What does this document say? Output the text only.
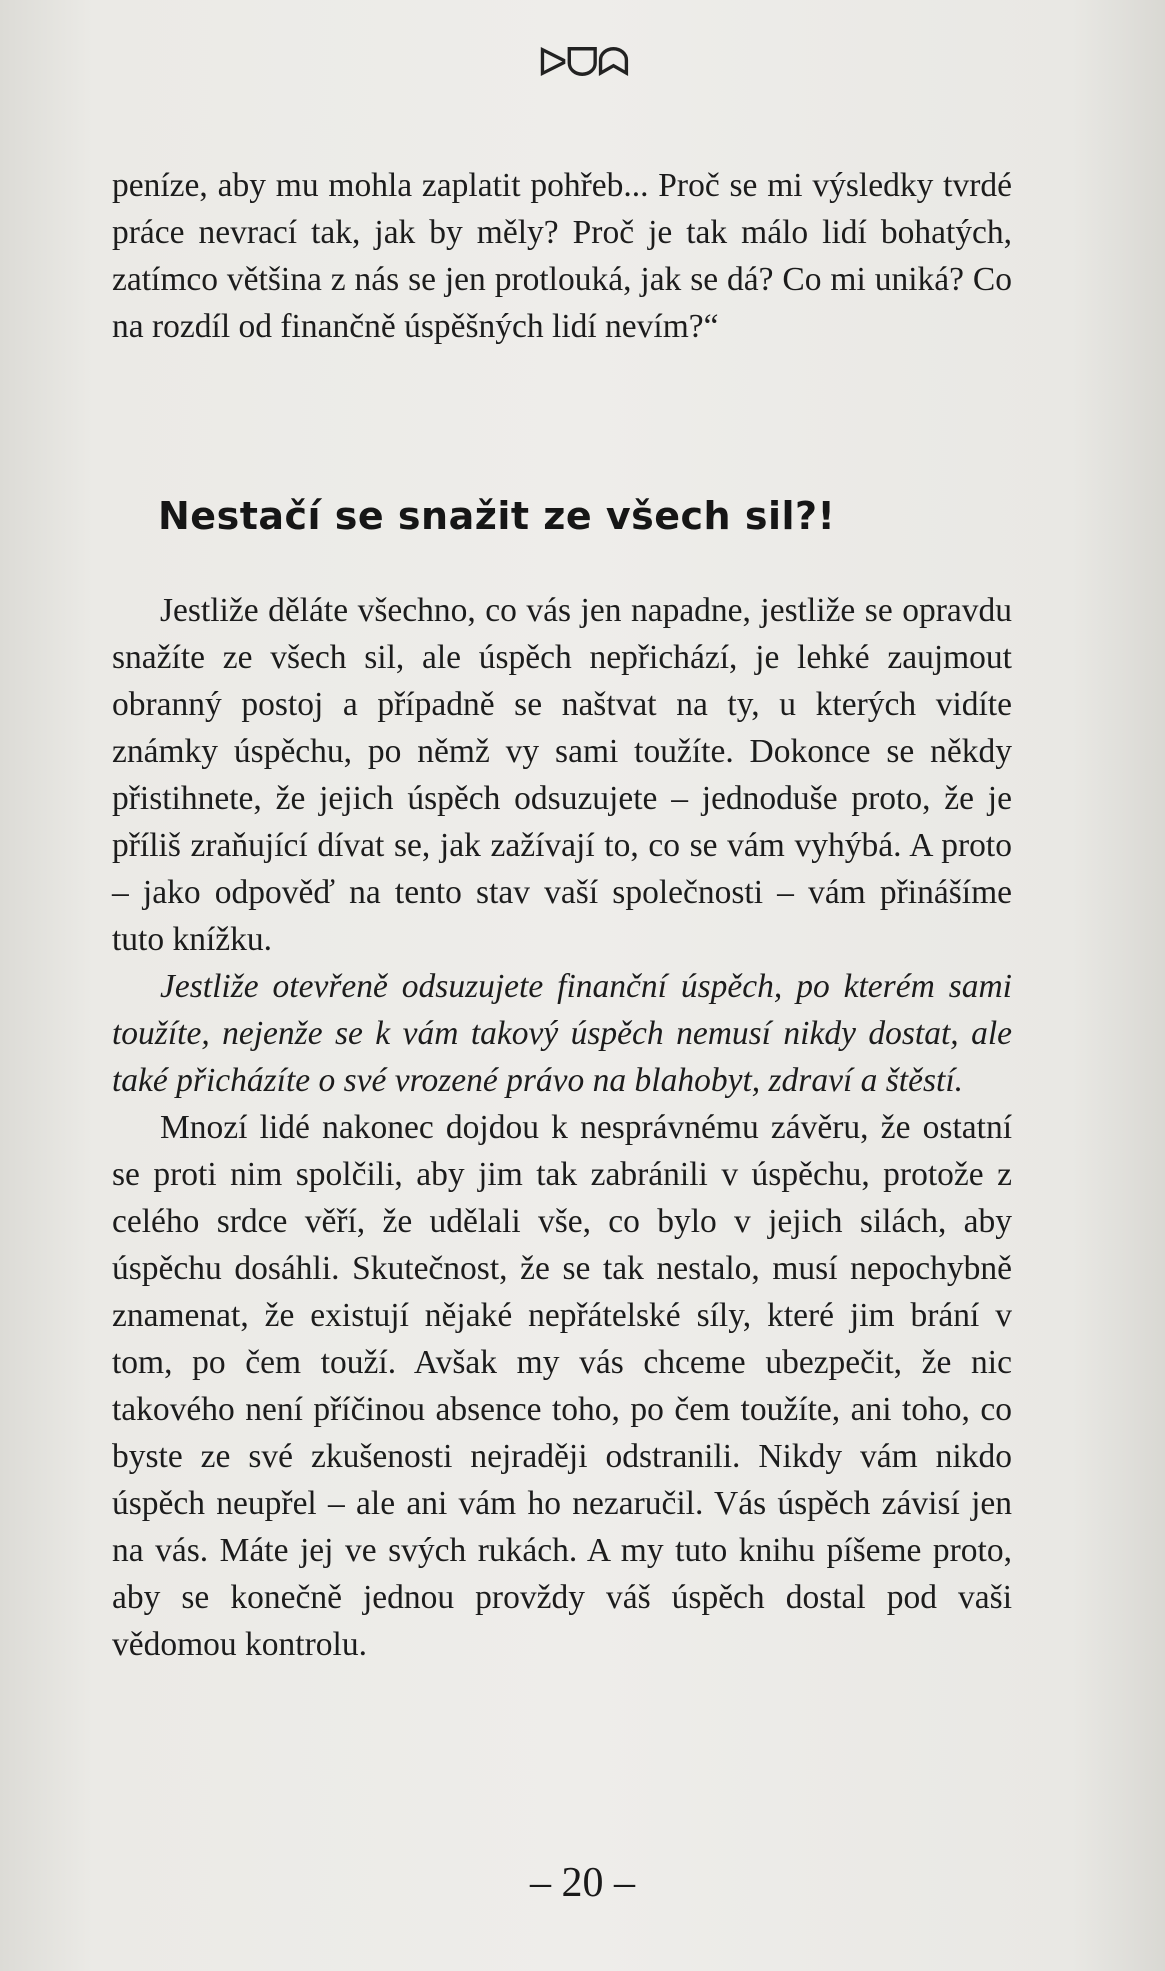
ᐅᗜᗣ

peníze, aby mu mohla zaplatit pohřeb... Proč se mi výsledky tvrdé práce nevrací tak, jak by měly? Proč je tak málo lidí bohatých, zatímco většina z nás se jen protlouká, jak se dá? Co mi uniká? Co na rozdíl od finančně úspěšných lidí nevím?“

Nestačí se snažit ze všech sil?!

Jestliže děláte všechno, co vás jen napadne, jestliže se opravdu snažíte ze všech sil, ale úspěch nepřichází, je lehké zaujmout obranný postoj a případně se naštvat na ty, u kterých vidíte známky úspěchu, po němž vy sami toužíte. Dokonce se někdy přistihnete, že jejich úspěch odsuzujete – jednoduše proto, že je příliš zraňující dívat se, jak zažívají to, co se vám vyhýbá. A proto – jako odpověď na tento stav vaší společnosti – vám přinášíme tuto knížku.

Jestliže otevřeně odsuzujete finanční úspěch, po kterém sami toužíte, nejenže se k vám takový úspěch nemusí nikdy dostat, ale také přicházíte o své vrozené právo na blahobyt, zdraví a štěstí.

Mnozí lidé nakonec dojdou k nesprávnému závěru, že ostatní se proti nim spolčili, aby jim tak zabránili v úspěchu, protože z celého srdce věří, že udělali vše, co bylo v jejich silách, aby úspěchu dosáhli. Skutečnost, že se tak nestalo, musí nepochybně znamenat, že existují nějaké nepřátelské síly, které jim brání v tom, po čem touží. Avšak my vás chceme ubezpečit, že nic takového není příčinou absence toho, po čem toužíte, ani toho, co byste ze své zkušenosti nejraději odstranili. Nikdy vám nikdo úspěch neupřel – ale ani vám ho nezaručil. Vás úspěch závisí jen na vás. Máte jej ve svých rukách. A my tuto knihu píšeme proto, aby se konečně jednou provždy váš úspěch dostal pod vaši vědomou kontrolu.

– 20 –
